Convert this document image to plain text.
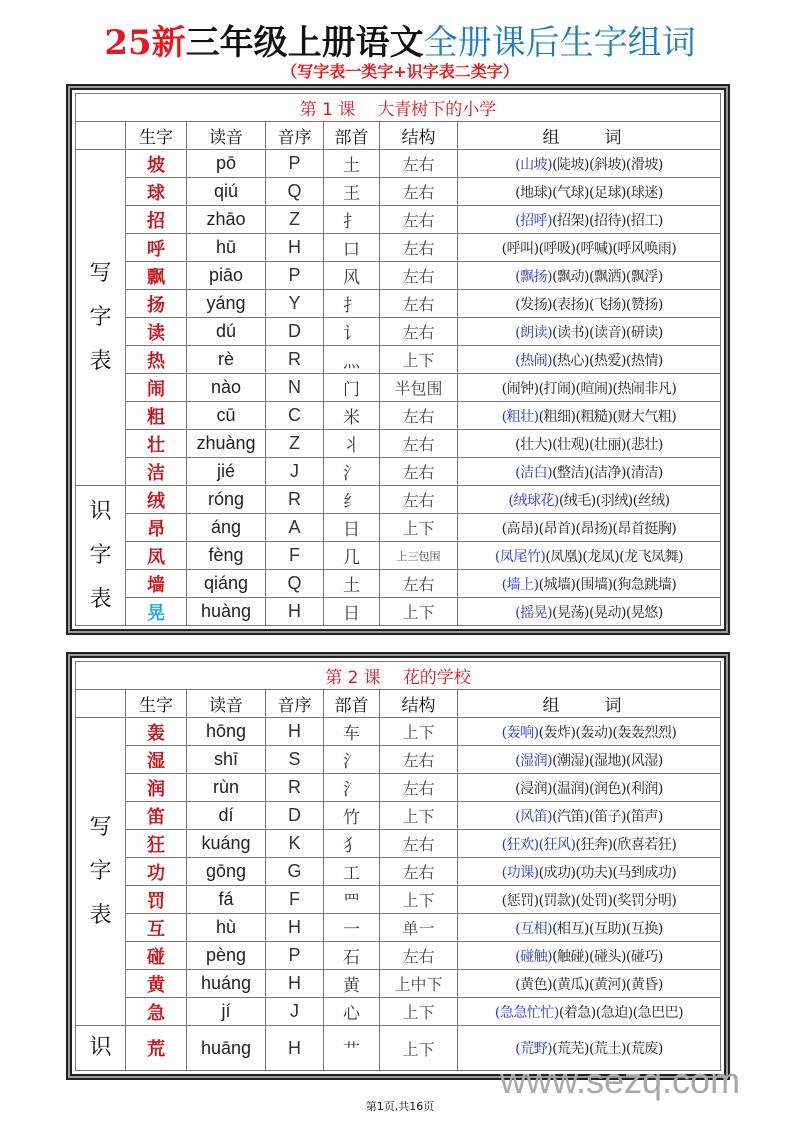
25新三年级上册语文全册课后生字组词
（写字表一类字+识字表二类字）
第 1 课 大青树下的小学						
	生字	读音	音序	部首	结构	组　词

写
字
表	坡	pō	P	土	左右	(山坡)(陡坡)(斜坡)(滑坡)
	球	qiú	Q	王	左右	(地球)(气球)(足球)(球迷)
	招	zhāo	Z	扌	左右	(招呼)(招架)(招待)(招工)
	呼	hū	H	口	左右	(呼叫)(呼吸)(呼喊)(呼风唤雨)
	飘	piāo	P	风	左右	(飘扬)(飘动)(飘洒)(飘浮)
	扬	yáng	Y	扌	左右	(发扬)(表扬)(飞扬)(赞扬)
	读	dú	D	讠	左右	(朗读)(读书)(读音)(研读)
	热	rè	R	灬	上下	(热闹)(热心)(热爱)(热情)
	闹	nào	N	门	半包围	(闹钟)(打闹)(喧闹)(热闹非凡)
	粗	cū	C	米	左右	(粗壮)(粗细)(粗糙)(财大气粗)
	壮	zhuàng	Z	丬	左右	(壮大)(壮观)(壮丽)(悲壮)
	洁	jié	J	氵	左右	(洁白)(整洁)(洁净)(清洁)

识
字
表	绒	róng	R	纟	左右	(绒球花)(绒毛)(羽绒)(丝绒)
	昂	áng	A	日	上下	(高昂)(昂首)(昂扬)(昂首挺胸)
	凤	fèng	F	几	上三包围	(凤尾竹)(凤凰)(龙凤)(龙飞凤舞)
	墙	qiáng	Q	土	左右	(墙上)(城墙)(围墙)(狗急跳墙)
	晃	huàng	H	日	上下	(摇晃)(晃荡)(晃动)(晃悠)
第 2 课 花的学校						
	生字	读音	音序	部首	结构	组　词

写
字
表	轰	hōng	H	车	上下	(轰响)(轰炸)(轰动)(轰轰烈烈)
	湿	shī	S	氵	左右	(湿润)(潮湿)(湿地)(风湿)
	润	rùn	R	氵	左右	(浸润)(温润)(润色)(利润)
	笛	dí	D	竹	上下	(风笛)(汽笛)(笛子)(笛声)
	狂	kuáng	K	犭	左右	(狂欢)(狂风)(狂奔)(欣喜若狂)
	功	gōng	G	工	左右	(功课)(成功)(功夫)(马到成功)
	罚	fá	F	罒	上下	(惩罚)(罚款)(处罚)(奖罚分明)
	互	hù	H	一	单一	(互相)(相互)(互助)(互换)
	碰	pèng	P	石	左右	(碰触)(触碰)(碰头)(碰巧)
	黄	huáng	H	黄	上中下	(黄色)(黄瓜)(黄河)(黄昏)
	急	jí	J	心	上下	(急急忙忙)(着急)(急迫)(急巴巴)
识	荒	huāng	H	艹	上下	(荒野)(荒芜)(荒土)(荒废)
www.sezq.com
第1页,共16页
